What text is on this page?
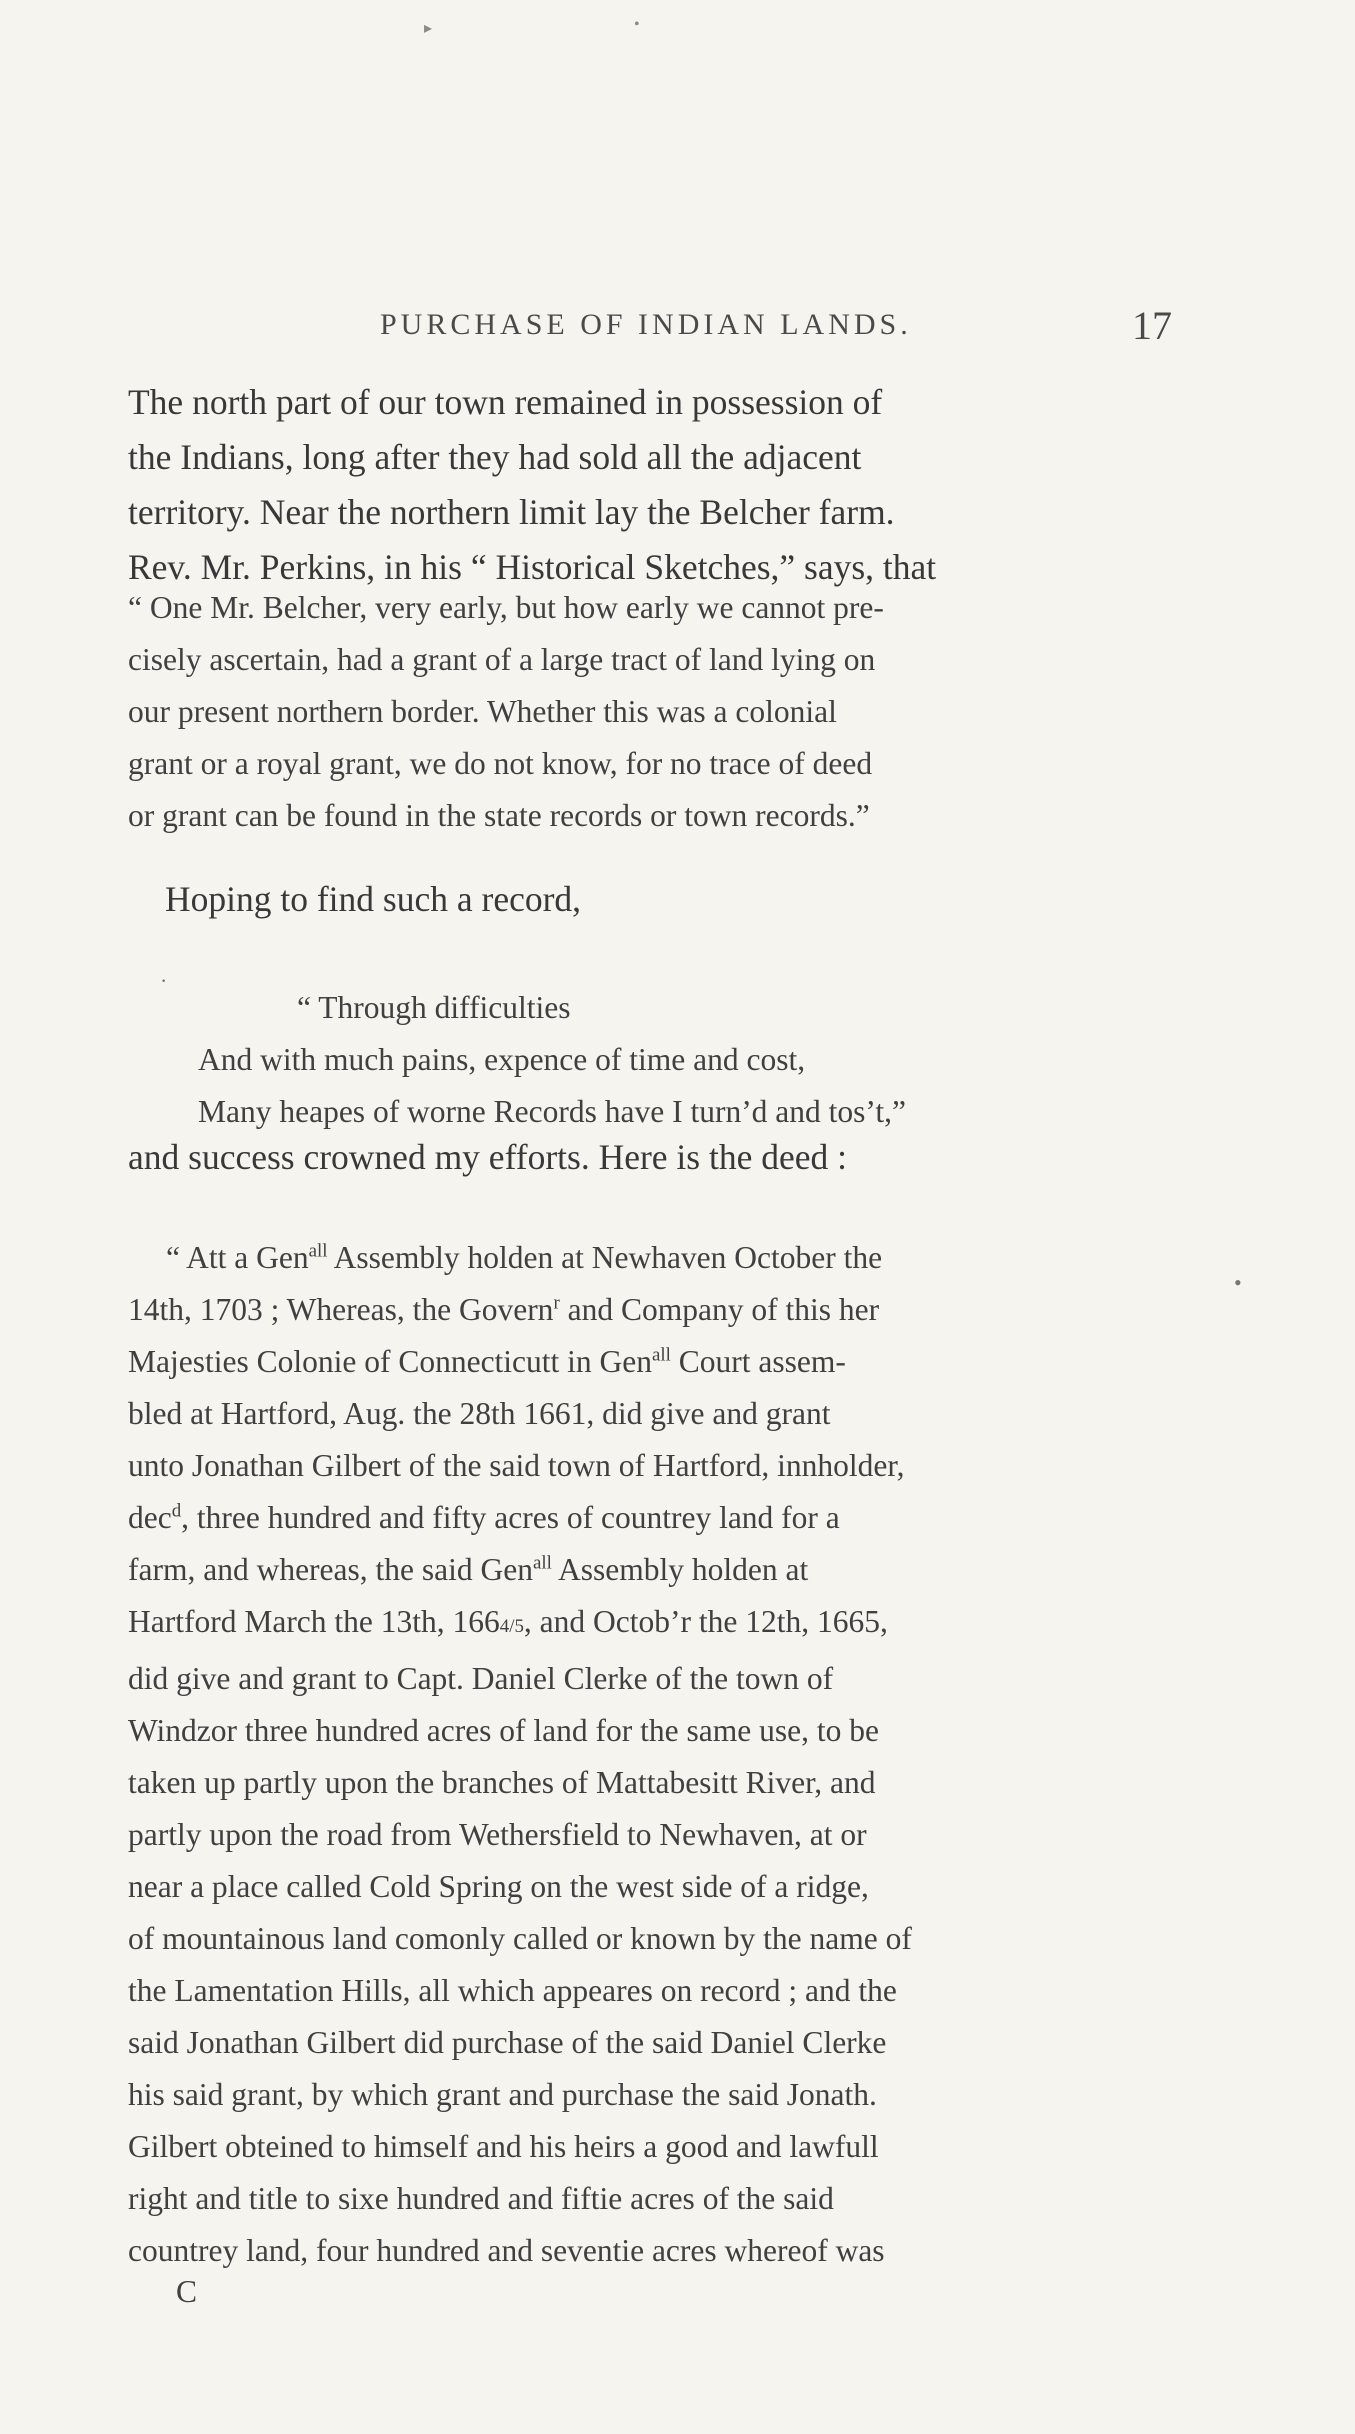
▸	•
PURCHASE OF INDIAN LANDS.	17
The north part of our town remained in possession of
the Indians, long after they had sold all the adjacent
territory. Near the northern limit lay the Belcher farm.
Rev. Mr. Perkins, in his “ Historical Sketches,” says, that
“ One Mr. Belcher, very early, but how early we cannot pre-
cisely ascertain, had a grant of a large tract of land lying on
our present northern border. Whether this was a colonial
grant or a royal grant, we do not know, for no trace of deed
or grant can be found in the state records or town records.”
Hoping to find such a record,
·
“ Through difficulties
And with much pains, expence of time and cost,
Many heapes of worne Records have I turn’d and tos’t,”
and success crowned my efforts. Here is the deed :
“ Att a Gen$^{all}$ Assembly holden at Newhaven October the
14th, 1703 ; Whereas, the Govern$^r$ and Company of this her
Majesties Colonie of Connecticutt in Gen$^{all}$ Court assem-
bled at Hartford, Aug. the 28th 1661, did give and grant
unto Jonathan Gilbert of the said town of Hartford, innholder,
dec$^d$, three hundred and fifty acres of countrey land for a
farm, and whereas, the said Gen$^{all}$ Assembly holden at
Hartford March the 13th, 1664/5, and Octob’r the 12th, 1665,
did give and grant to Capt. Daniel Clerke of the town of
Windzor three hundred acres of land for the same use, to be
taken up partly upon the branches of Mattabesitt River, and
partly upon the road from Wethersfield to Newhaven, at or
near a place called Cold Spring on the west side of a ridge,
of mountainous land comonly called or known by the name of
the Lamentation Hills, all which appeares on record ; and the
said Jonathan Gilbert did purchase of the said Daniel Clerke
his said grant, by which grant and purchase the said Jonath.
Gilbert obteined to himself and his heirs a good and lawfull
right and title to sixe hundred and fiftie acres of the said
countrey land, four hundred and seventie acres whereof was
C
•
